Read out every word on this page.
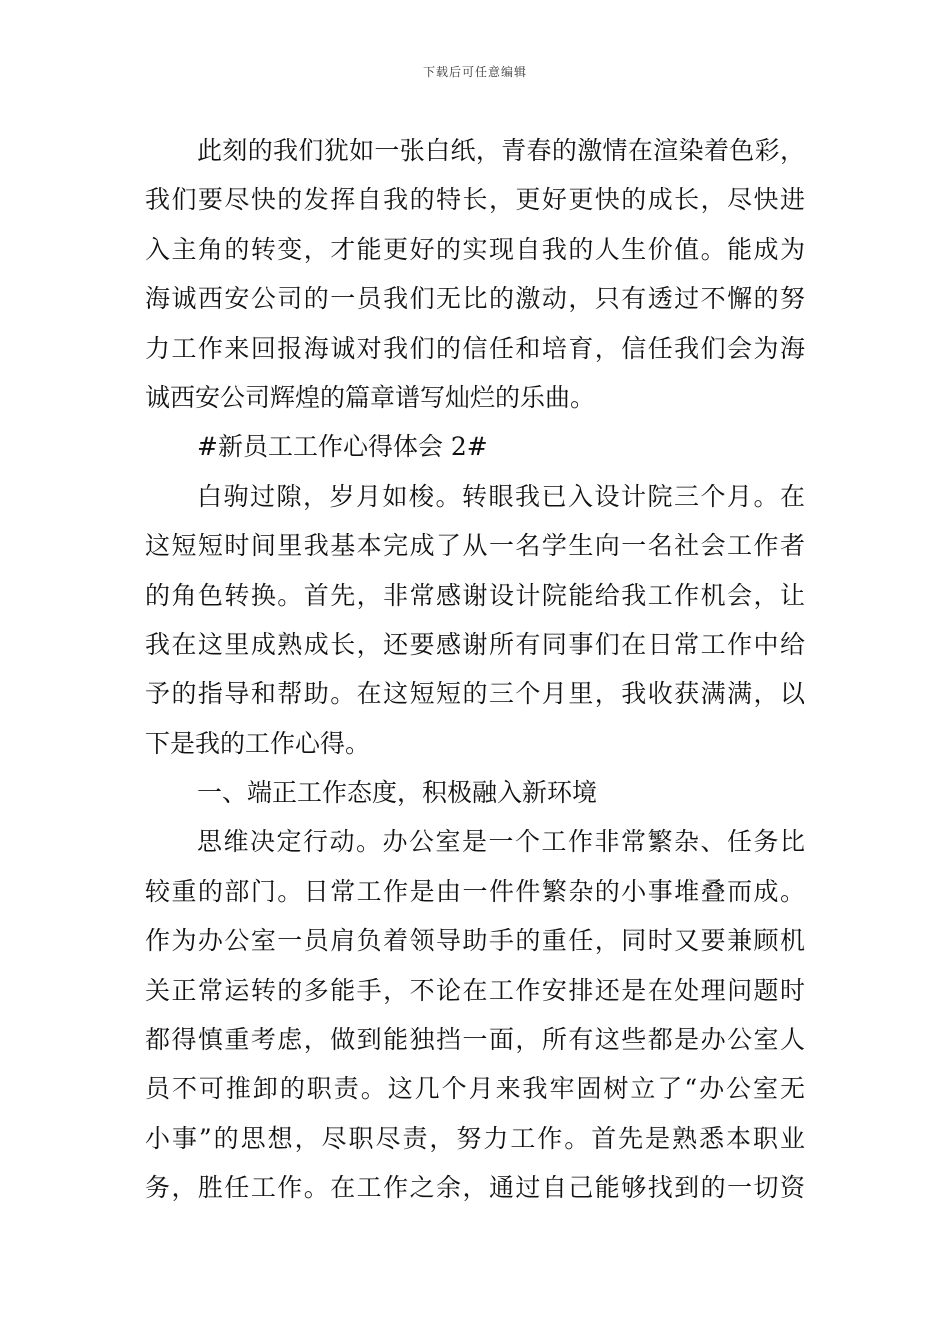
下载后可任意编辑
此刻的我们犹如一张白纸，青春的激情在渲染着色彩，
我们要尽快的发挥自我的特长，更好更快的成长，尽快进
入主角的转变，才能更好的实现自我的人生价值。能成为
海诚西安公司的一员我们无比的激动，只有透过不懈的努
力工作来回报海诚对我们的信任和培育，信任我们会为海
诚西安公司辉煌的篇章谱写灿烂的乐曲。
#新员工工作心得体会 2#
白驹过隙，岁月如梭。转眼我已入设计院三个月。在
这短短时间里我基本完成了从一名学生向一名社会工作者
的角色转换。首先，非常感谢设计院能给我工作机会，让
我在这里成熟成长，还要感谢所有同事们在日常工作中给
予的指导和帮助。在这短短的三个月里，我收获满满，以
下是我的工作心得。
一、端正工作态度，积极融入新环境
思维决定行动。办公室是一个工作非常繁杂、任务比
较重的部门。日常工作是由一件件繁杂的小事堆叠而成。
作为办公室一员肩负着领导助手的重任，同时又要兼顾机
关正常运转的多能手，不论在工作安排还是在处理问题时
都得慎重考虑，做到能独挡一面，所有这些都是办公室人
员不可推卸的职责。这几个月来我牢固树立了“办公室无
小事”的思想，尽职尽责，努力工作。首先是熟悉本职业
务，胜任工作。在工作之余，通过自己能够找到的一切资
